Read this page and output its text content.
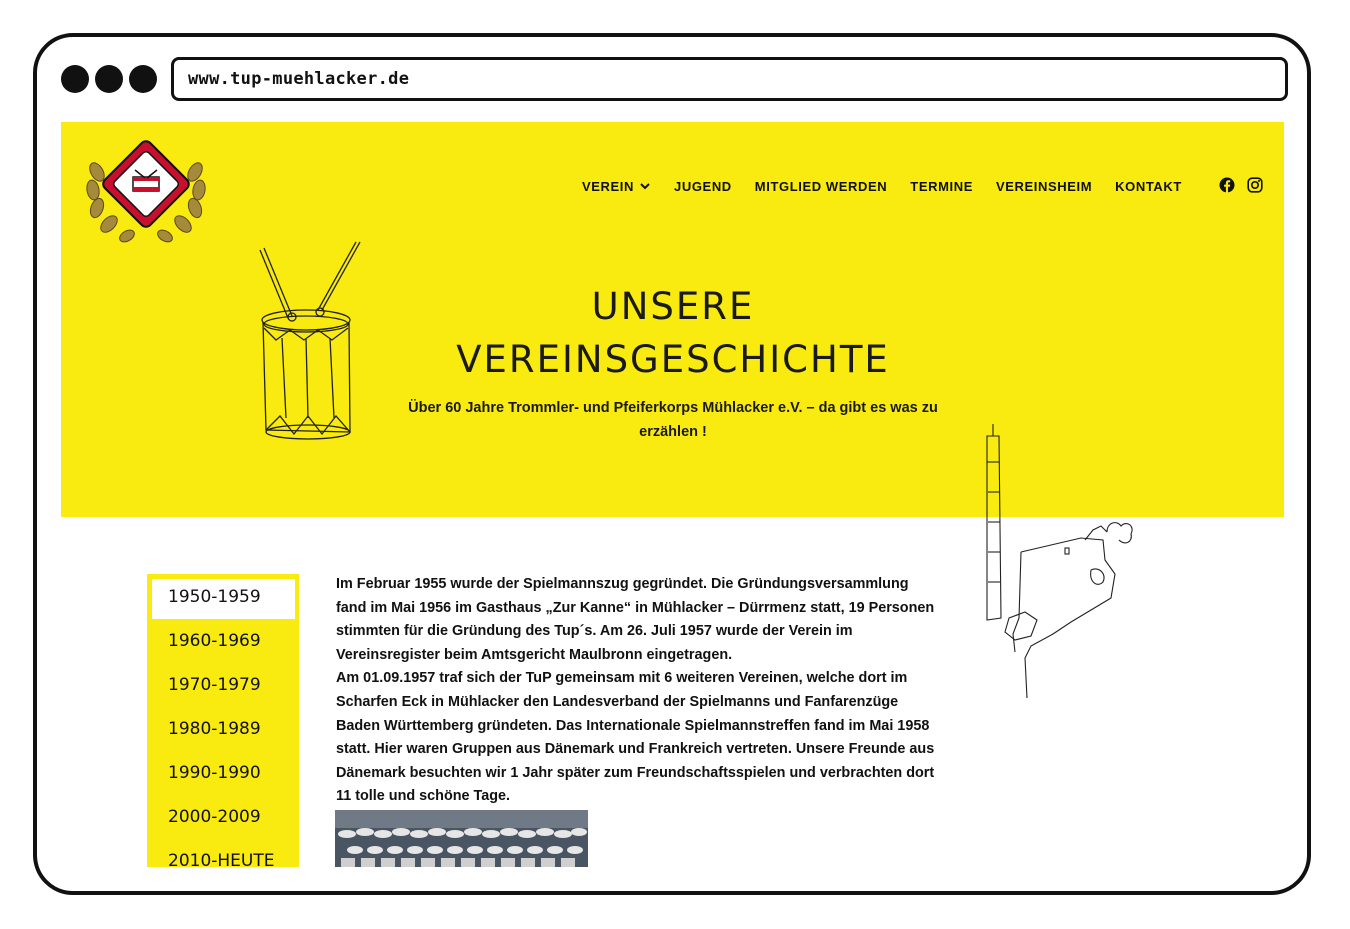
www.tup-muehlacker.de
VEREIN	JUGEND MITGLIED WERDEN TERMINE VEREINSHEIM KONTAKT
UNSERE
VEREINSGESCHICHTE
Über 60 Jahre Trommler- und Pfeiferkorps Mühlacker e.V. – da gibt es was zu erzählen !
1950-1959
1960-1969
1970-1979
1980-1989
1990-1990
2000-2009
2010-HEUTE

Im Februar 1955 wurde der Spielmannszug gegründet. Die Gründungsversammlung fand im Mai 1956 im Gasthaus „Zur Kanne“ in Mühlacker – Dürrmenz statt, 19 Personen stimmten für die Gründung des Tup´s. Am 26. Juli 1957 wurde der Verein im Vereinsregister beim Amtsgericht Maulbronn eingetragen.

Am 01.09.1957 traf sich der TuP gemeinsam mit 6 weiteren Vereinen, welche dort im Scharfen Eck in Mühlacker den Landesverband der Spielmanns und Fanfarenzüge Baden Württemberg gründeten. Das Internationale Spielmannstreffen fand im Mai 1958 statt. Hier waren Gruppen aus Dänemark und Frankreich vertreten. Unsere Freunde aus Dänemark besuchten wir 1 Jahr später zum Freundschaftsspielen und verbrachten dort 11 tolle und schöne Tage.
